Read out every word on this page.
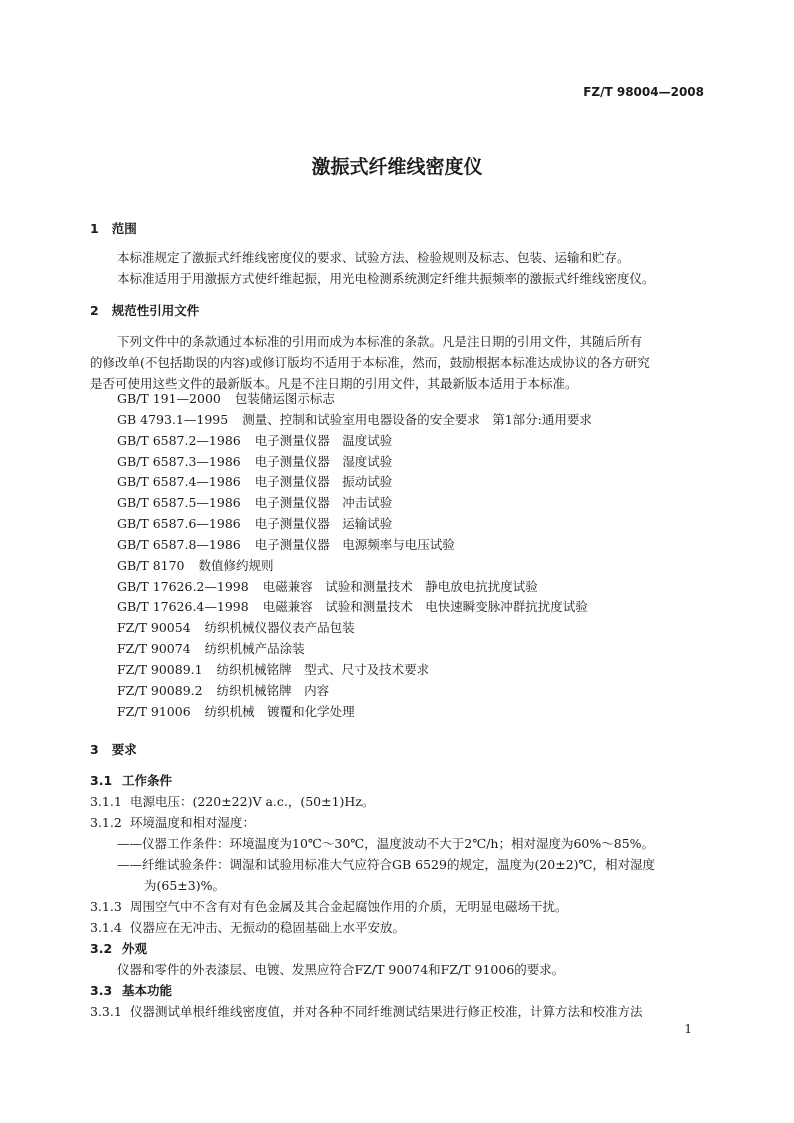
FZ/T 98004—2008
激振式纤维线密度仪
1 范围
本标准规定了激振式纤维线密度仪的要求、试验方法、检验规则及标志、包装、运输和贮存。
本标准适用于用激振方式使纤维起振，用光电检测系统测定纤维共振频率的激振式纤维线密度仪。
2 规范性引用文件
下列文件中的条款通过本标准的引用而成为本标准的条款。凡是注日期的引用文件，其随后所有
的修改单(不包括勘误的内容)或修订版均不适用于本标准，然而，鼓励根据本标准达成协议的各方研究
是否可使用这些文件的最新版本。凡是不注日期的引用文件，其最新版本适用于本标准。
GB/T 191—2000 包装储运图示标志
GB 4793.1—1995 测量、控制和试验室用电器设备的安全要求　第1部分:通用要求
GB/T 6587.2—1986 电子测量仪器　温度试验
GB/T 6587.3—1986 电子测量仪器　湿度试验
GB/T 6587.4—1986 电子测量仪器　振动试验
GB/T 6587.5—1986 电子测量仪器　冲击试验
GB/T 6587.6—1986 电子测量仪器　运输试验
GB/T 6587.8—1986 电子测量仪器　电源频率与电压试验
GB/T 8170 数值修约规则
GB/T 17626.2—1998 电磁兼容　试验和测量技术　静电放电抗扰度试验
GB/T 17626.4—1998 电磁兼容　试验和测量技术　电快速瞬变脉冲群抗扰度试验
FZ/T 90054 纺织机械仪器仪表产品包装
FZ/T 90074 纺织机械产品涂装
FZ/T 90089.1 纺织机械铭牌　型式、尺寸及技术要求
FZ/T 90089.2 纺织机械铭牌　内容
FZ/T 91006 纺织机械　镀覆和化学处理
3 要求
3.1 工作条件
3.1.1 电源电压：(220±22)V a.c.，(50±1)Hz。
3.1.2 环境温度和相对湿度：
——仪器工作条件：环境温度为10℃～30℃，温度波动不大于2℃/h；相对湿度为60%～85%。
——纤维试验条件：调湿和试验用标准大气应符合GB 6529的规定，温度为(20±2)℃，相对湿度
为(65±3)%。
3.1.3 周围空气中不含有对有色金属及其合金起腐蚀作用的介质，无明显电磁场干扰。
3.1.4 仪器应在无冲击、无振动的稳固基础上水平安放。
3.2 外观
仪器和零件的外表漆层、电镀、发黑应符合FZ/T 90074和FZ/T 91006的要求。
3.3 基本功能
3.3.1 仪器测试单根纤维线密度值，并对各种不同纤维测试结果进行修正校准，计算方法和校准方法
1
